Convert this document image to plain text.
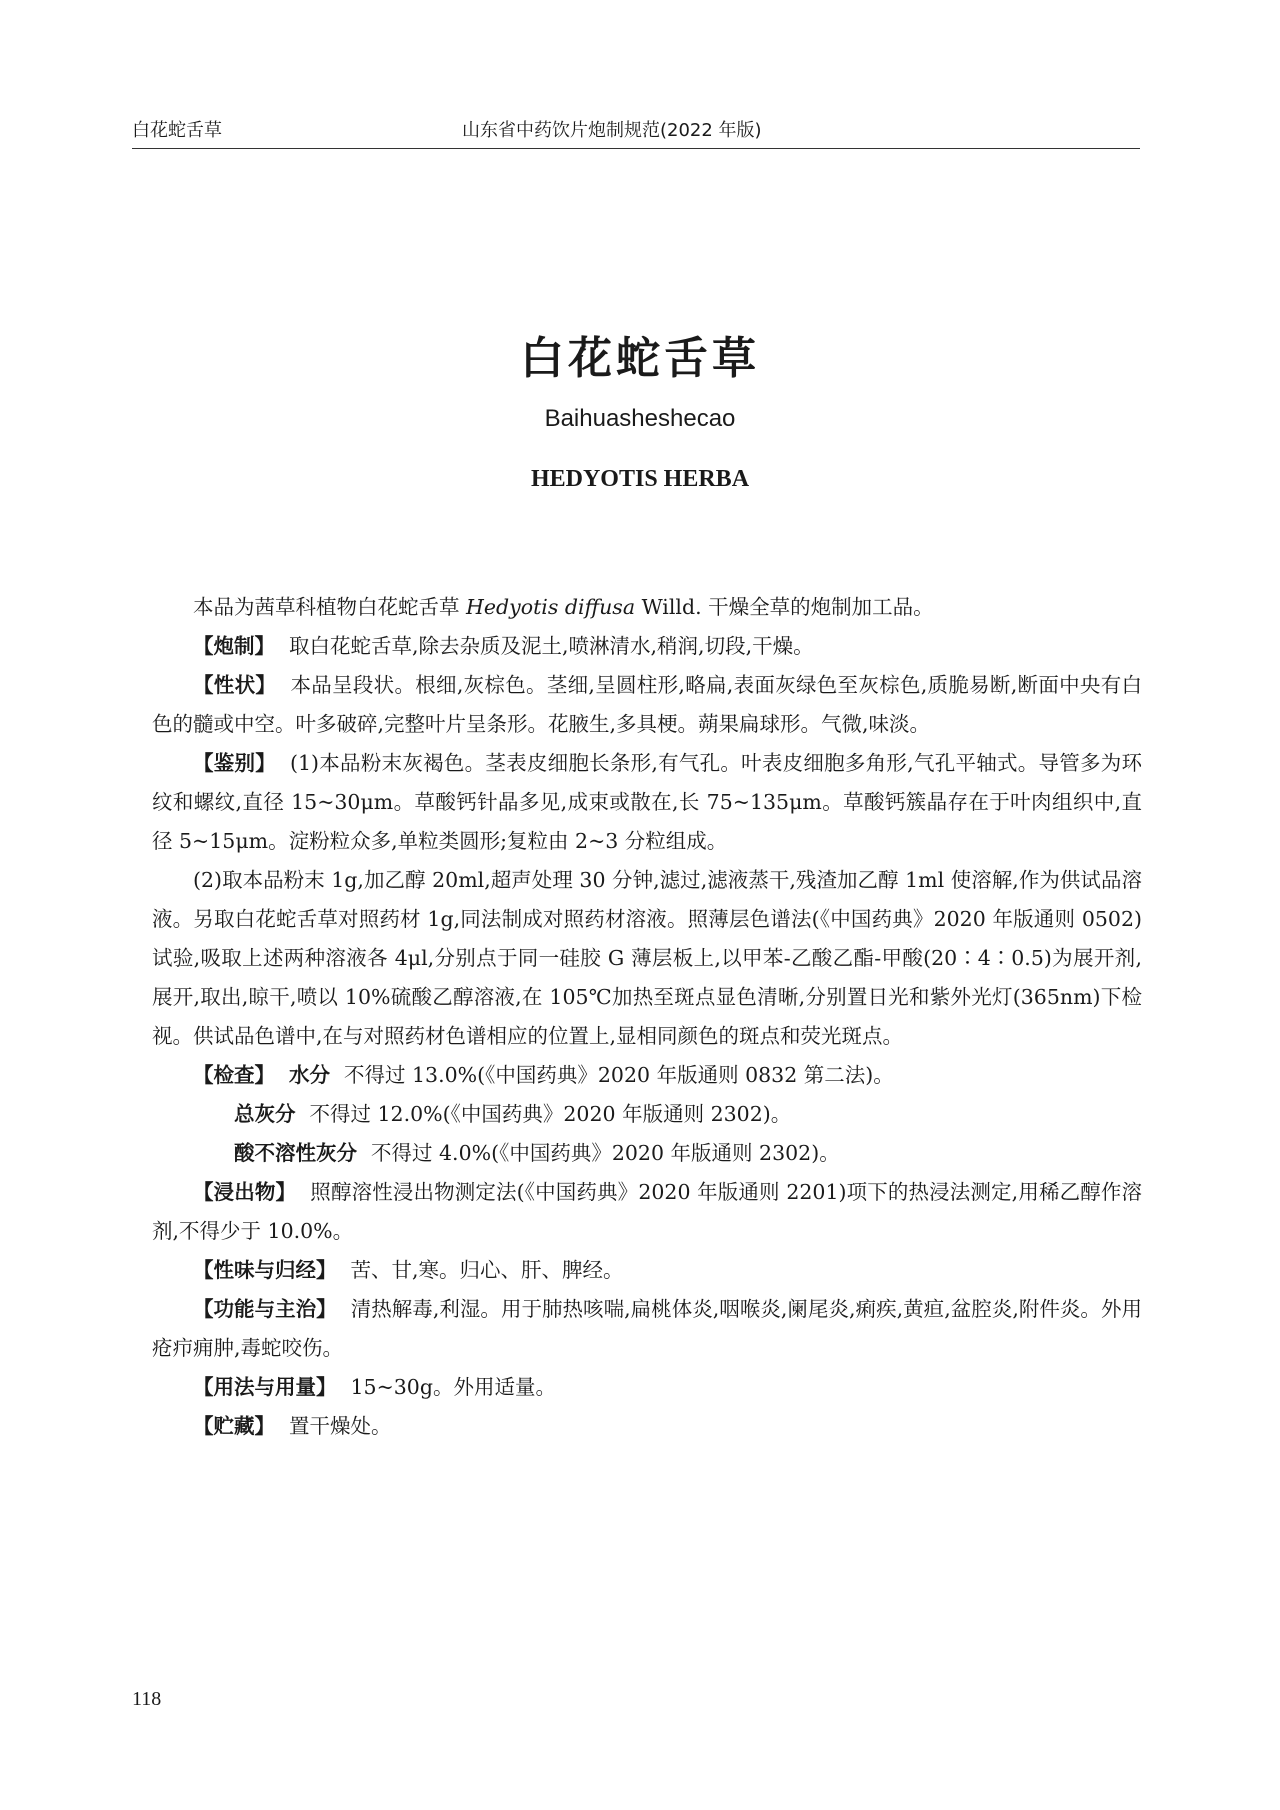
白花蛇舌草	山东省中药饮片炮制规范(2022 年版)
白花蛇舌草
Baihuasheshecao
HEDYOTIS HERBA

本品为茜草科植物白花蛇舌草 Hedyotis diffusa Willd. 干燥全草的炮制加工品。

【炮制】 取白花蛇舌草,除去杂质及泥土,喷淋清水,稍润,切段,干燥。

【性状】 本品呈段状。根细,灰棕色。茎细,呈圆柱形,略扁,表面灰绿色至灰棕色,质脆易断,断面中央有白色的髓或中空。叶多破碎,完整叶片呈条形。花腋生,多具梗。蒴果扁球形。气微,味淡。

【鉴别】 (1)本品粉末灰褐色。茎表皮细胞长条形,有气孔。叶表皮细胞多角形,气孔平轴式。导管多为环纹和螺纹,直径 15~30μm。草酸钙针晶多见,成束或散在,长 75~135μm。草酸钙簇晶存在于叶肉组织中,直径 5~15μm。淀粉粒众多,单粒类圆形;复粒由 2~3 分粒组成。

(2)取本品粉末 1g,加乙醇 20ml,超声处理 30 分钟,滤过,滤液蒸干,残渣加乙醇 1ml 使溶解,作为供试品溶液。另取白花蛇舌草对照药材 1g,同法制成对照药材溶液。照薄层色谱法(《中国药典》2020 年版通则 0502)试验,吸取上述两种溶液各 4μl,分别点于同一硅胶 G 薄层板上,以甲苯-乙酸乙酯-甲酸(20∶4∶0.5)为展开剂,展开,取出,晾干,喷以 10%硫酸乙醇溶液,在 105℃加热至斑点显色清晰,分别置日光和紫外光灯(365nm)下检视。供试品色谱中,在与对照药材色谱相应的位置上,显相同颜色的斑点和荧光斑点。

【检查】 水分 不得过 13.0%(《中国药典》2020 年版通则 0832 第二法)。

总灰分 不得过 12.0%(《中国药典》2020 年版通则 2302)。

酸不溶性灰分 不得过 4.0%(《中国药典》2020 年版通则 2302)。

【浸出物】 照醇溶性浸出物测定法(《中国药典》2020 年版通则 2201)项下的热浸法测定,用稀乙醇作溶剂,不得少于 10.0%。

【性味与归经】 苦、甘,寒。归心、肝、脾经。

【功能与主治】 清热解毒,利湿。用于肺热咳喘,扁桃体炎,咽喉炎,阑尾炎,痢疾,黄疸,盆腔炎,附件炎。外用疮疖痈肿,毒蛇咬伤。

【用法与用量】 15~30g。外用适量。

【贮藏】 置干燥处。

118
